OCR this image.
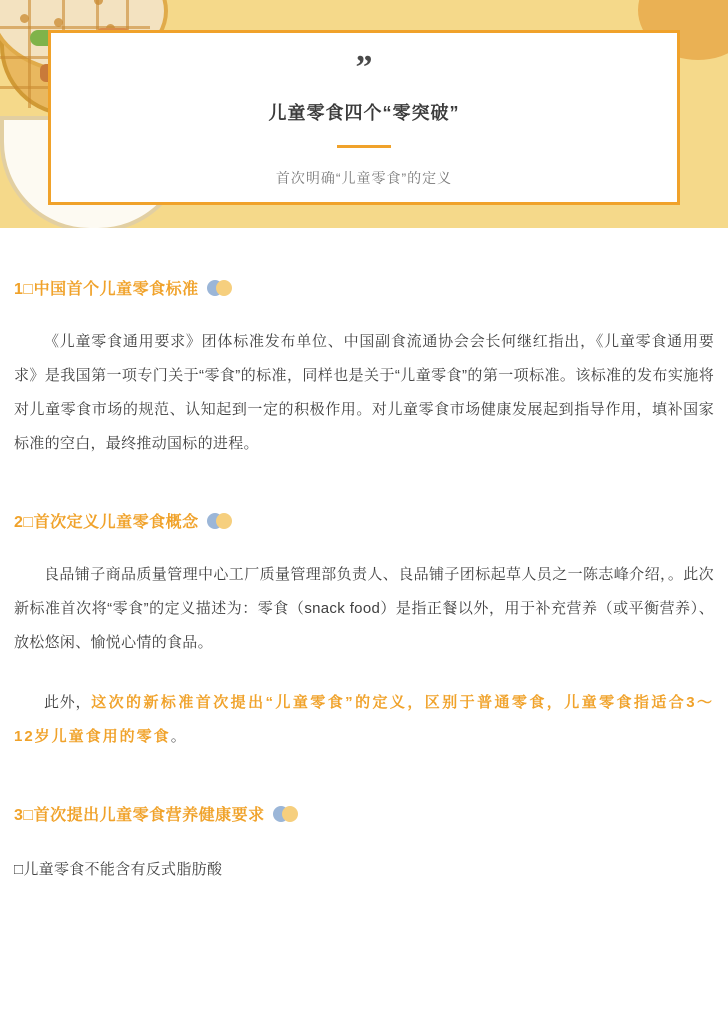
”
儿童零食四个“零突破”
首次明确“儿童零食”的定义
1□中国首个儿童零食标准

《儿童零食通用要求》团体标准发布单位、中国副食流通协会会长何继红指出，《儿童零食通用要求》是我国第一项专门关于“零食”的标准，同样也是关于“儿童零食”的第一项标准。该标准的发布实施将对儿童零食市场的规范、认知起到一定的积极作用。对儿童零食市场健康发展起到指导作用，填补国家标准的空白，最终推动国标的进程。

2□首次定义儿童零食概念

良品铺子商品质量管理中心工厂质量管理部负责人、良品铺子团标起草人员之一陈志峰介绍，。此次新标准首次将“零食”的定义描述为：零食（snack food）是指正餐以外，用于补充营养（或平衡营养）、放松悠闲、愉悦心情的食品。

此外，这次的新标准首次提出“儿童零食”的定义，区别于普通零食，儿童零食指适合3～12岁儿童食用的零食。

3□首次提出儿童零食营养健康要求

□儿童零食不能含有反式脂肪酸
